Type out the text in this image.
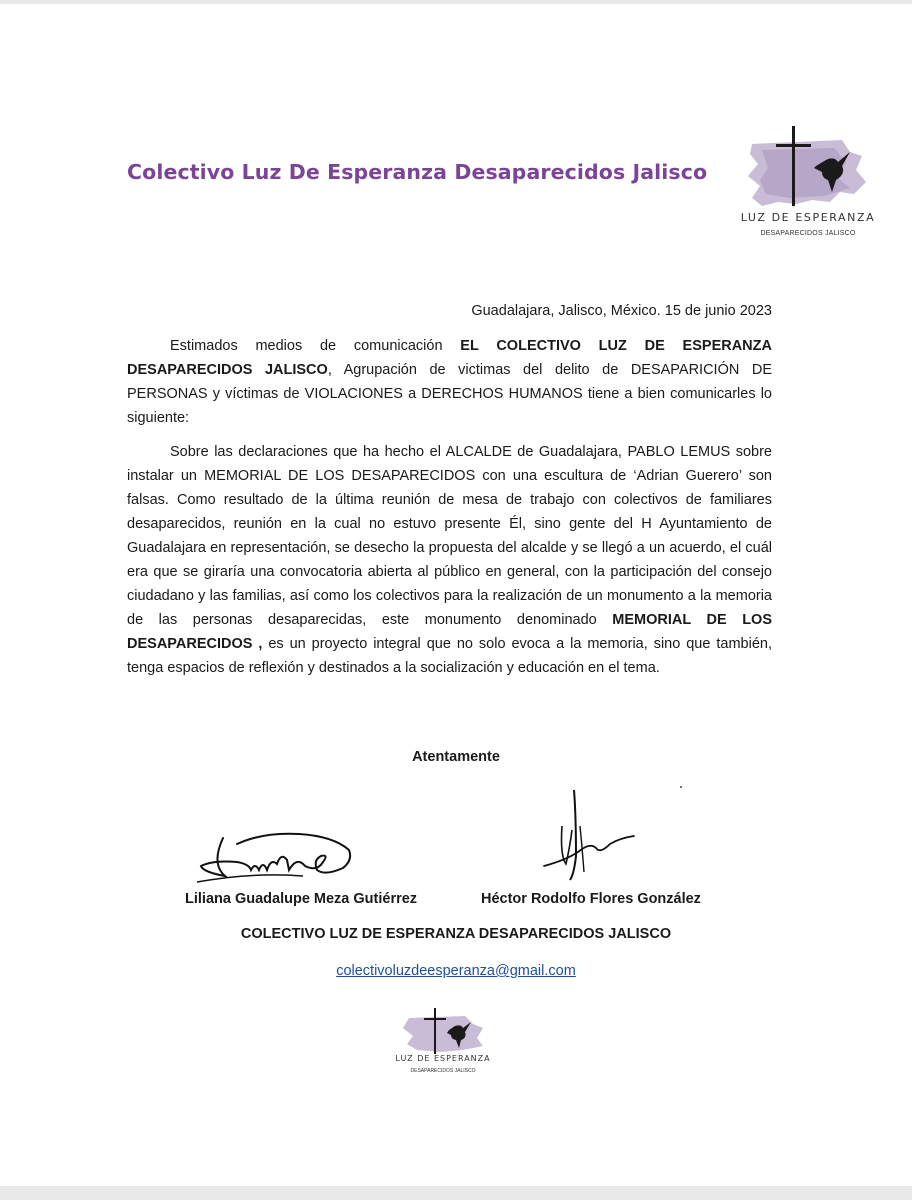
Colectivo Luz De Esperanza Desaparecidos Jalisco
LUZ DE ESPERANZA
DESAPARECIDOS JALISCO
Guadalajara, Jalisco, México. 15 de junio 2023

Estimados medios de comunicación EL COLECTIVO LUZ DE ESPERANZA DESAPARECIDOS JALISCO, Agrupación de victimas del delito de DESAPARICIÓN DE PERSONAS y víctimas de VIOLACIONES a DERECHOS HUMANOS tiene a bien comunicarles lo siguiente:

Sobre las declaraciones que ha hecho el ALCALDE de Guadalajara, PABLO LEMUS sobre instalar un MEMORIAL DE LOS DESAPARECIDOS con una escultura de ‘Adrian Guerero’ son falsas. Como resultado de la última reunión de mesa de trabajo con colectivos de familiares desaparecidos, reunión en la cual no estuvo presente Él, sino gente del H Ayuntamiento de Guadalajara en representación, se desecho la propuesta del alcalde y se llegó a un acuerdo, el cuál era que se giraría una convocatoria abierta al público en general, con la participación del consejo ciudadano y las familias, así como los colectivos para la realización de un monumento a la memoria de las personas desaparecidas, este monumento denominado MEMORIAL DE LOS DESAPARECIDOS , es un proyecto integral que no solo evoca a la memoria, sino que también, tenga espacios de reflexión y destinados a la socialización y educación en el tema.

Atentamente
Liliana Guadalupe Meza Gutiérrez	Héctor Rodolfo Flores González
COLECTIVO LUZ DE ESPERANZA DESAPARECIDOS JALISCO
colectivoluzdeesperanza@gmail.com
LUZ DE ESPERANZA
DESAPARECIDOS JALISCO
